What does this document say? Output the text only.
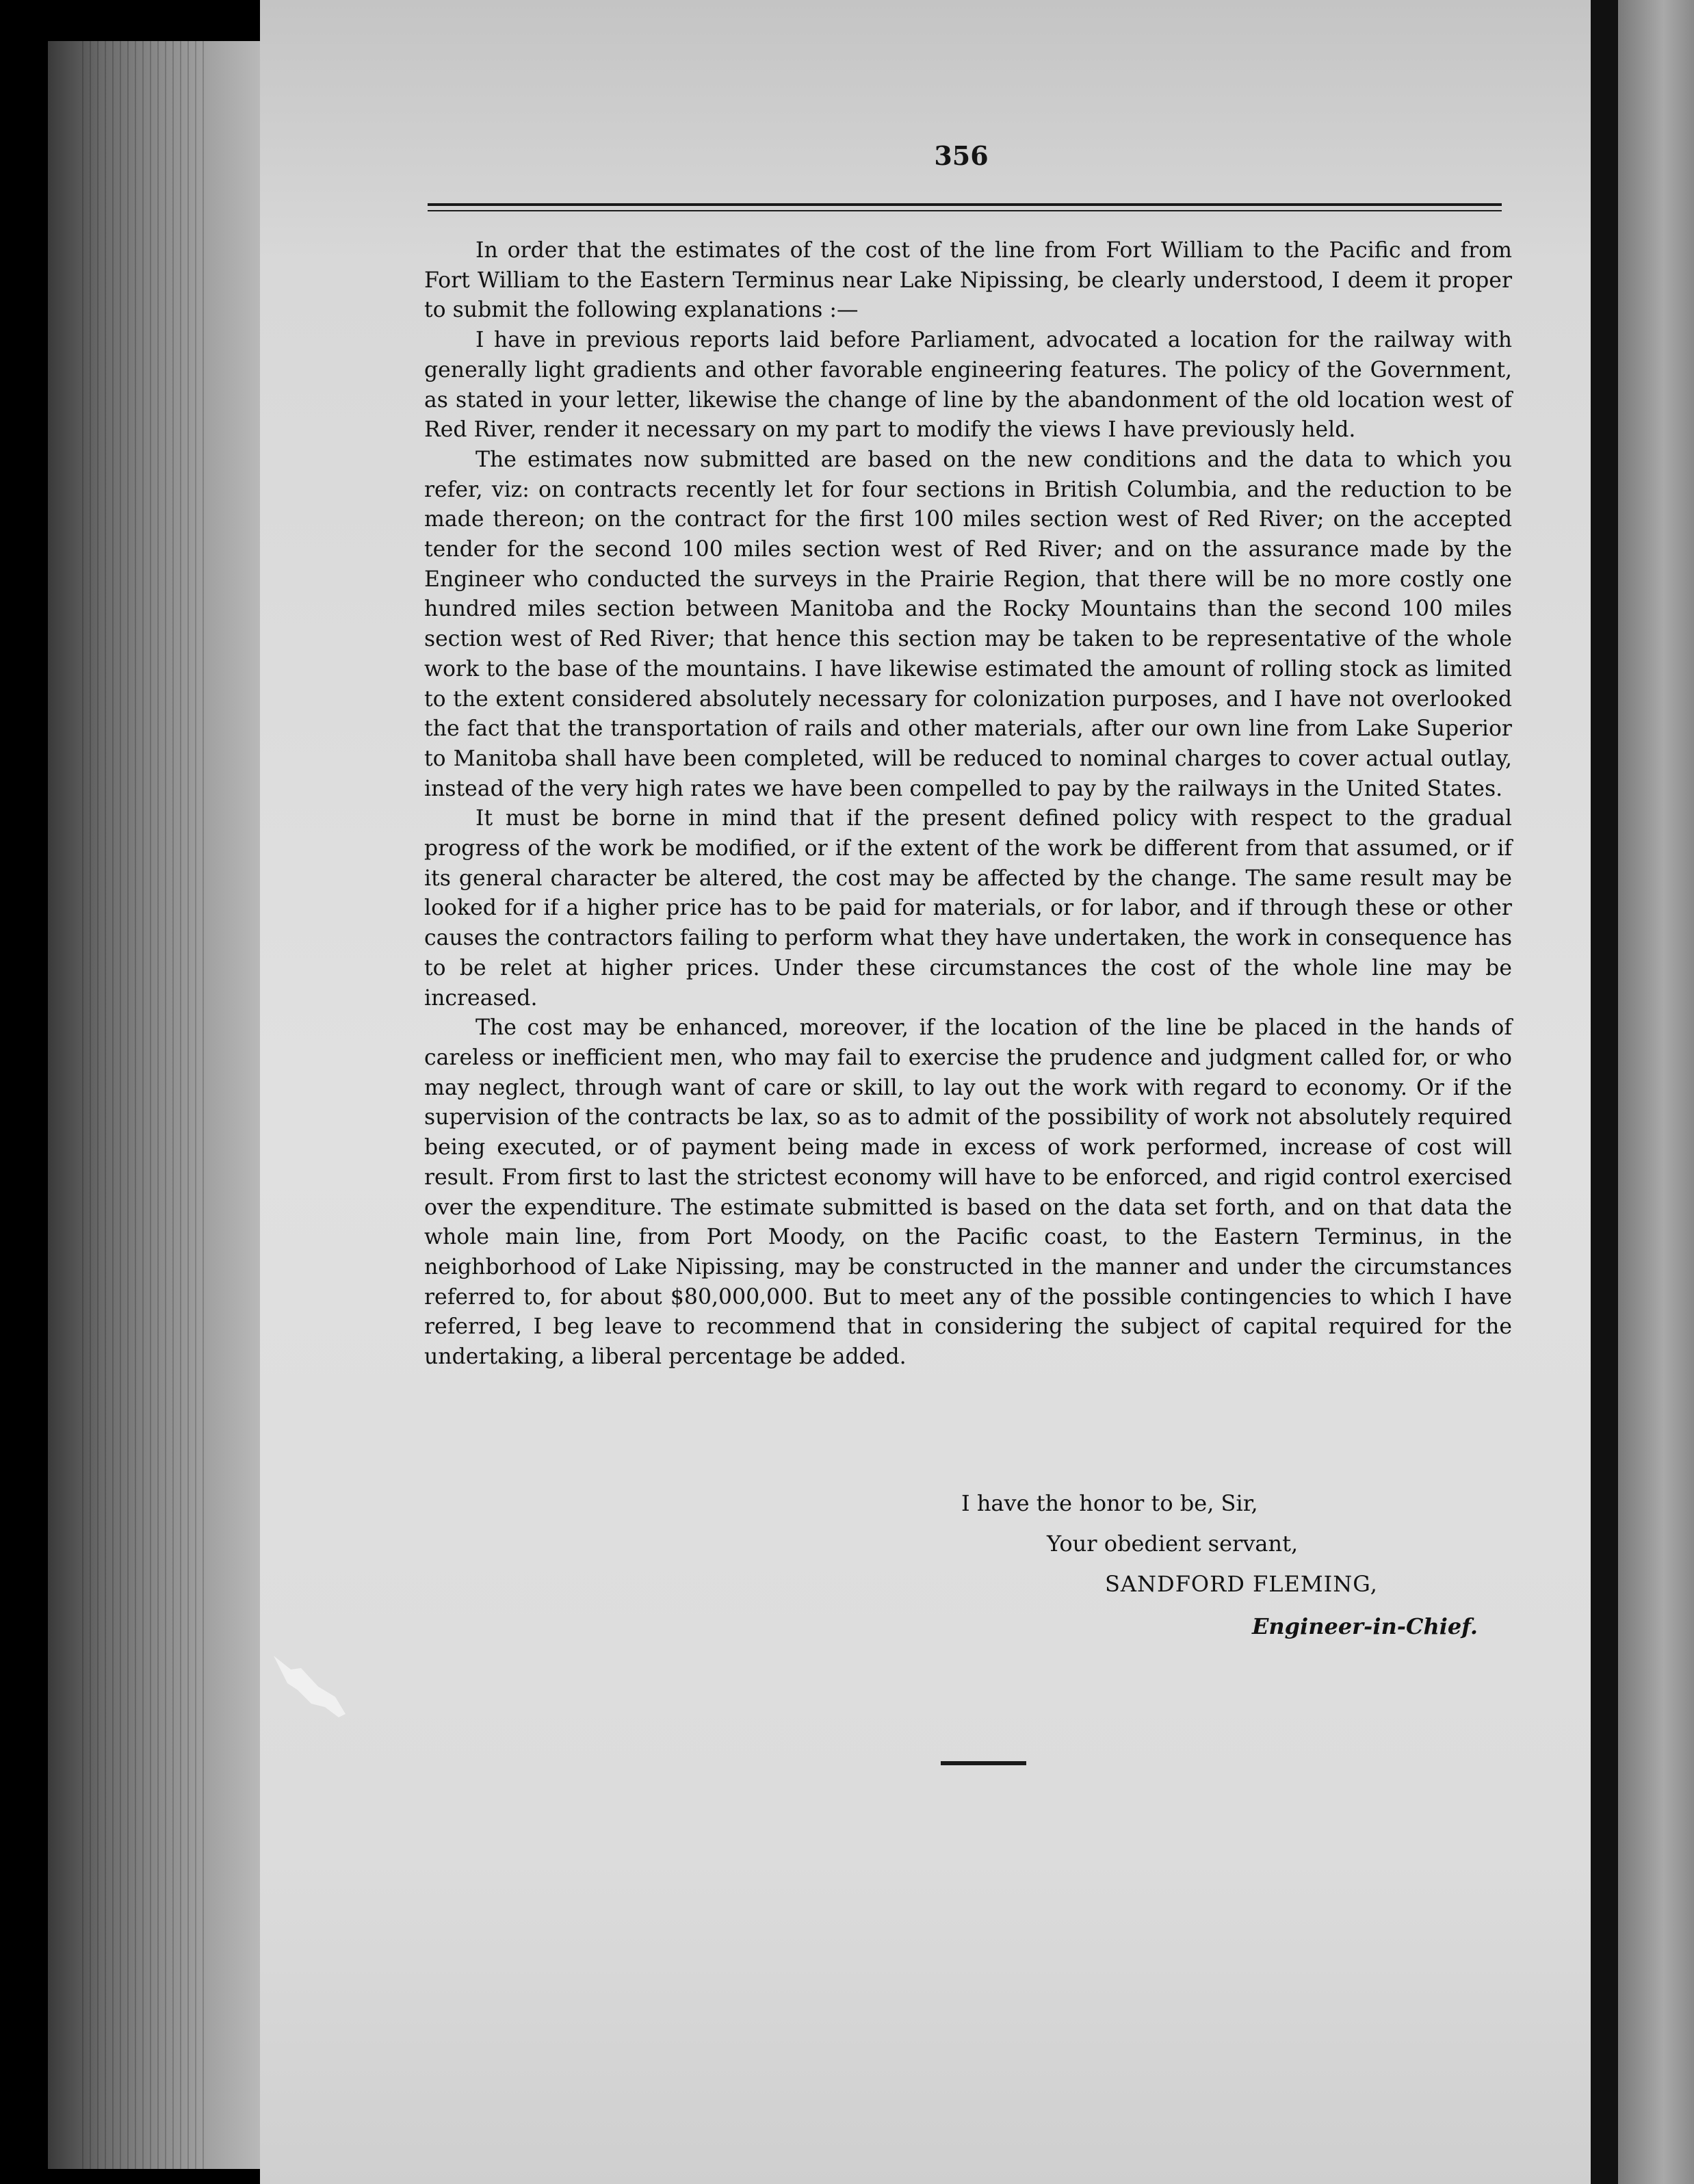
356

In order that the estimates of the cost of the line from Fort William to the Pacific and from Fort William to the Eastern Terminus near Lake Nipissing, be clearly understood, I deem it proper to submit the following explanations :—

I have in previous reports laid before Parliament, advocated a location for the railway with generally light gradients and other favorable engineering features. The policy of the Government, as stated in your letter, likewise the change of line by the abandonment of the old location west of Red River, render it necessary on my part to modify the views I have previously held.

The estimates now submitted are based on the new conditions and the data to which you refer, viz: on contracts recently let for four sections in British Columbia, and the reduction to be made thereon; on the contract for the first 100 miles section west of Red River; on the accepted tender for the second 100 miles section west of Red River; and on the assurance made by the Engineer who conducted the surveys in the Prairie Region, that there will be no more costly one hundred miles section between Manitoba and the Rocky Mountains than the second 100 miles section west of Red River; that hence this section may be taken to be representative of the whole work to the base of the mountains. I have likewise estimated the amount of rolling stock as limited to the extent considered absolutely necessary for colonization purposes, and I have not overlooked the fact that the transportation of rails and other materials, after our own line from Lake Superior to Manitoba shall have been completed, will be reduced to nominal charges to cover actual outlay, instead of the very high rates we have been compelled to pay by the railways in the United States.

It must be borne in mind that if the present defined policy with respect to the gradual progress of the work be modified, or if the extent of the work be different from that assumed, or if its general character be altered, the cost may be affected by the change. The same result may be looked for if a higher price has to be paid for materials, or for labor, and if through these or other causes the contractors failing to perform what they have undertaken, the work in consequence has to be relet at higher prices. Under these circumstances the cost of the whole line may be increased.

The cost may be enhanced, moreover, if the location of the line be placed in the hands of careless or inefficient men, who may fail to exercise the prudence and judgment called for, or who may neglect, through want of care or skill, to lay out the work with regard to economy. Or if the supervision of the contracts be lax, so as to admit of the possibility of work not absolutely required being executed, or of payment being made in excess of work performed, increase of cost will result. From first to last the strictest economy will have to be enforced, and rigid control exercised over the expenditure. The estimate submitted is based on the data set forth, and on that data the whole main line, from Port Moody, on the Pacific coast, to the Eastern Terminus, in the neighborhood of Lake Nipissing, may be constructed in the manner and under the circumstances referred to, for about $80,000,000. But to meet any of the possible contingencies to which I have referred, I beg leave to recommend that in considering the subject of capital required for the undertaking, a liberal percentage be added.

I have the honor to be, Sir,
Your obedient servant,
SANDFORD FLEMING,
Engineer-in-Chief.
